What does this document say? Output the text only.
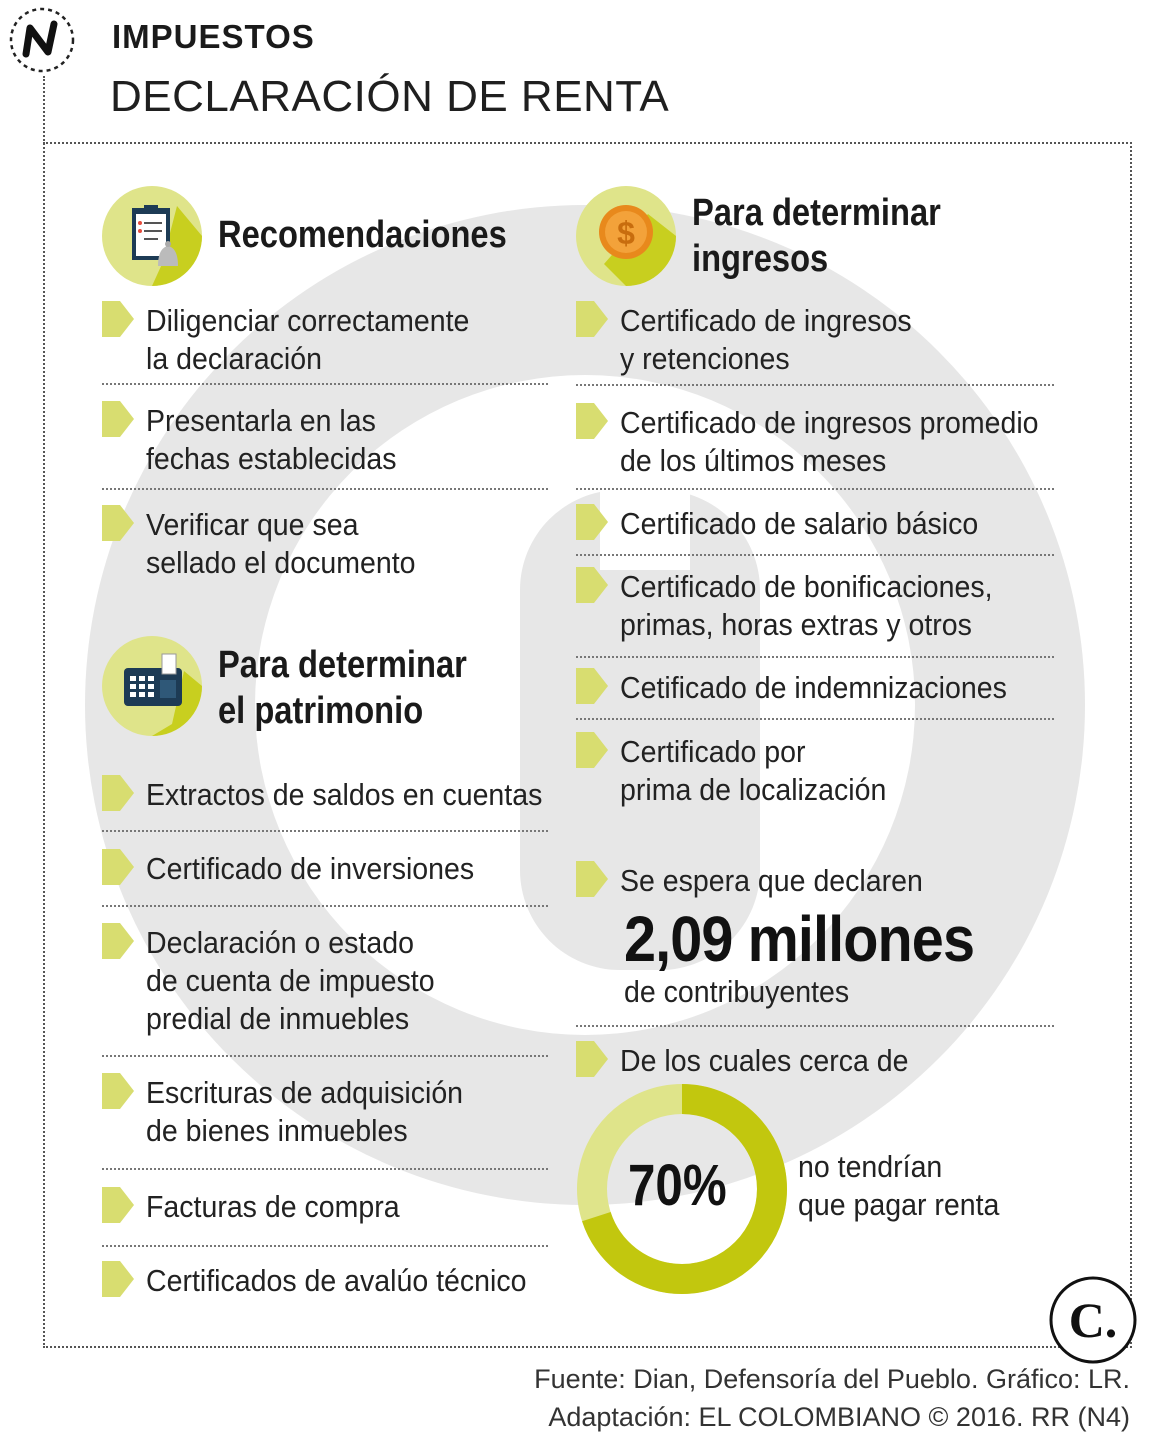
IMPUESTOS
DECLARACIÓN DE RENTA
Recomendaciones
Diligenciar correctamente
la declaración
Presentarla en las
fechas establecidas
Verificar que sea
sellado el documento
Para determinar
el patrimonio
Extractos de saldos en cuentas
Certificado de inversiones
Declaración o estado
de cuenta de impuesto
predial de inmuebles
Escrituras de adquisición
de bienes inmuebles
Facturas de compra
Certificados de avalúo técnico
$ Para determinar
ingresos
Certificado de ingresos
y retenciones
Certificado de ingresos promedio
de los últimos meses
Certificado de salario básico
Certificado de bonificaciones,
primas, horas extras y otros
Cetificado de indemnizaciones
Certificado por
prima de localización
Se espera que declaren
2,09 millones
de contribuyentes
De los cuales cerca de
70% no tendrían
que pagar renta
C.
Fuente: Dian, Defensoría del Pueblo. Gráfico: LR.
Adaptación: EL COLOMBIANO © 2016. RR (N4)
